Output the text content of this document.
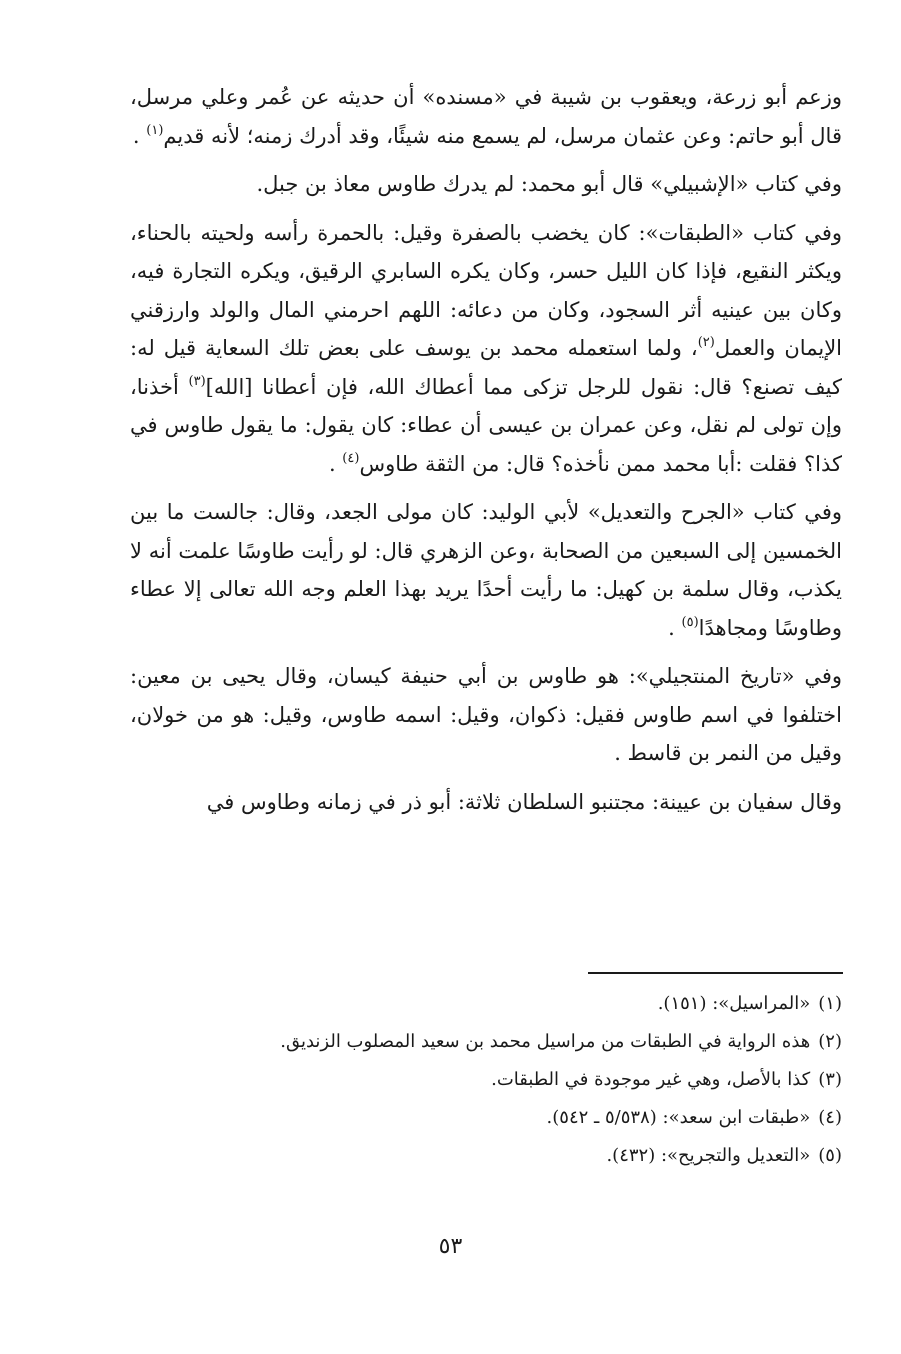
وزعم أبو زرعة، ويعقوب بن شيبة في «مسنده» أن حديثه عن عُمر وعلي مرسل، قال أبو حاتم: وعن عثمان مرسل، لم يسمع منه شيئًا، وقد أدرك زمنه؛ لأنه قديم$^{(١)}$ .

وفي كتاب «الإشبيلي» قال أبو محمد: لم يدرك طاوس معاذ بن جبل.

وفي كتاب «الطبقات»: كان يخضب بالصفرة وقيل: بالحمرة رأسه ولحيته بالحناء، ويكثر النقيع، فإذا كان الليل حسر، وكان يكره السابري الرقيق، ويكره التجارة فيه، وكان بين عينيه أثر السجود، وكان من دعائه: اللهم احرمني المال والولد وارزقني الإيمان والعمل$^{(٢)}$، ولما استعمله محمد بن يوسف على بعض تلك السعاية قيل له: كيف تصنع؟ قال: نقول للرجل تزكى مما أعطاك الله، فإن أعطانا [الله]$^{(٣)}$ أخذنا، وإن تولى لم نقل، وعن عمران بن عيسى أن عطاء: كان يقول: ما يقول طاوس في كذا؟ فقلت :أبا محمد ممن نأخذه؟ قال: من الثقة طاوس$^{(٤)}$ .

وفي كتاب «الجرح والتعديل» لأبي الوليد: كان مولى الجعد، وقال: جالست ما بين الخمسين إلى السبعين من الصحابة ،وعن الزهري قال: لو رأيت طاوسًا علمت أنه لا يكذب، وقال سلمة بن كهيل: ما رأيت أحدًا يريد بهذا العلم وجه الله تعالى إلا عطاء وطاوسًا ومجاهدًا$^{(٥)}$ .

وفي «تاريخ المنتجيلي»: هو طاوس بن أبي حنيفة كيسان، وقال يحيى بن معين: اختلفوا في اسم طاوس فقيل: ذكوان، وقيل: اسمه طاوس، وقيل: هو من خولان، وقيل من النمر بن قاسط .

وقال سفيان بن عيينة: مجتنبو السلطان ثلاثة: أبو ذر في زمانه وطاوس في

(١)«المراسيل»: (١٥١).
(٢)هذه الرواية في الطبقات من مراسيل محمد بن سعيد المصلوب الزنديق.
(٣)كذا بالأصل، وهي غير موجودة في الطبقات.
(٤)«طبقات ابن سعد»: (٥/٥٣٨ ـ ٥٤٢).
(٥)«التعديل والتجريح»: (٤٣٢).
٥٣
